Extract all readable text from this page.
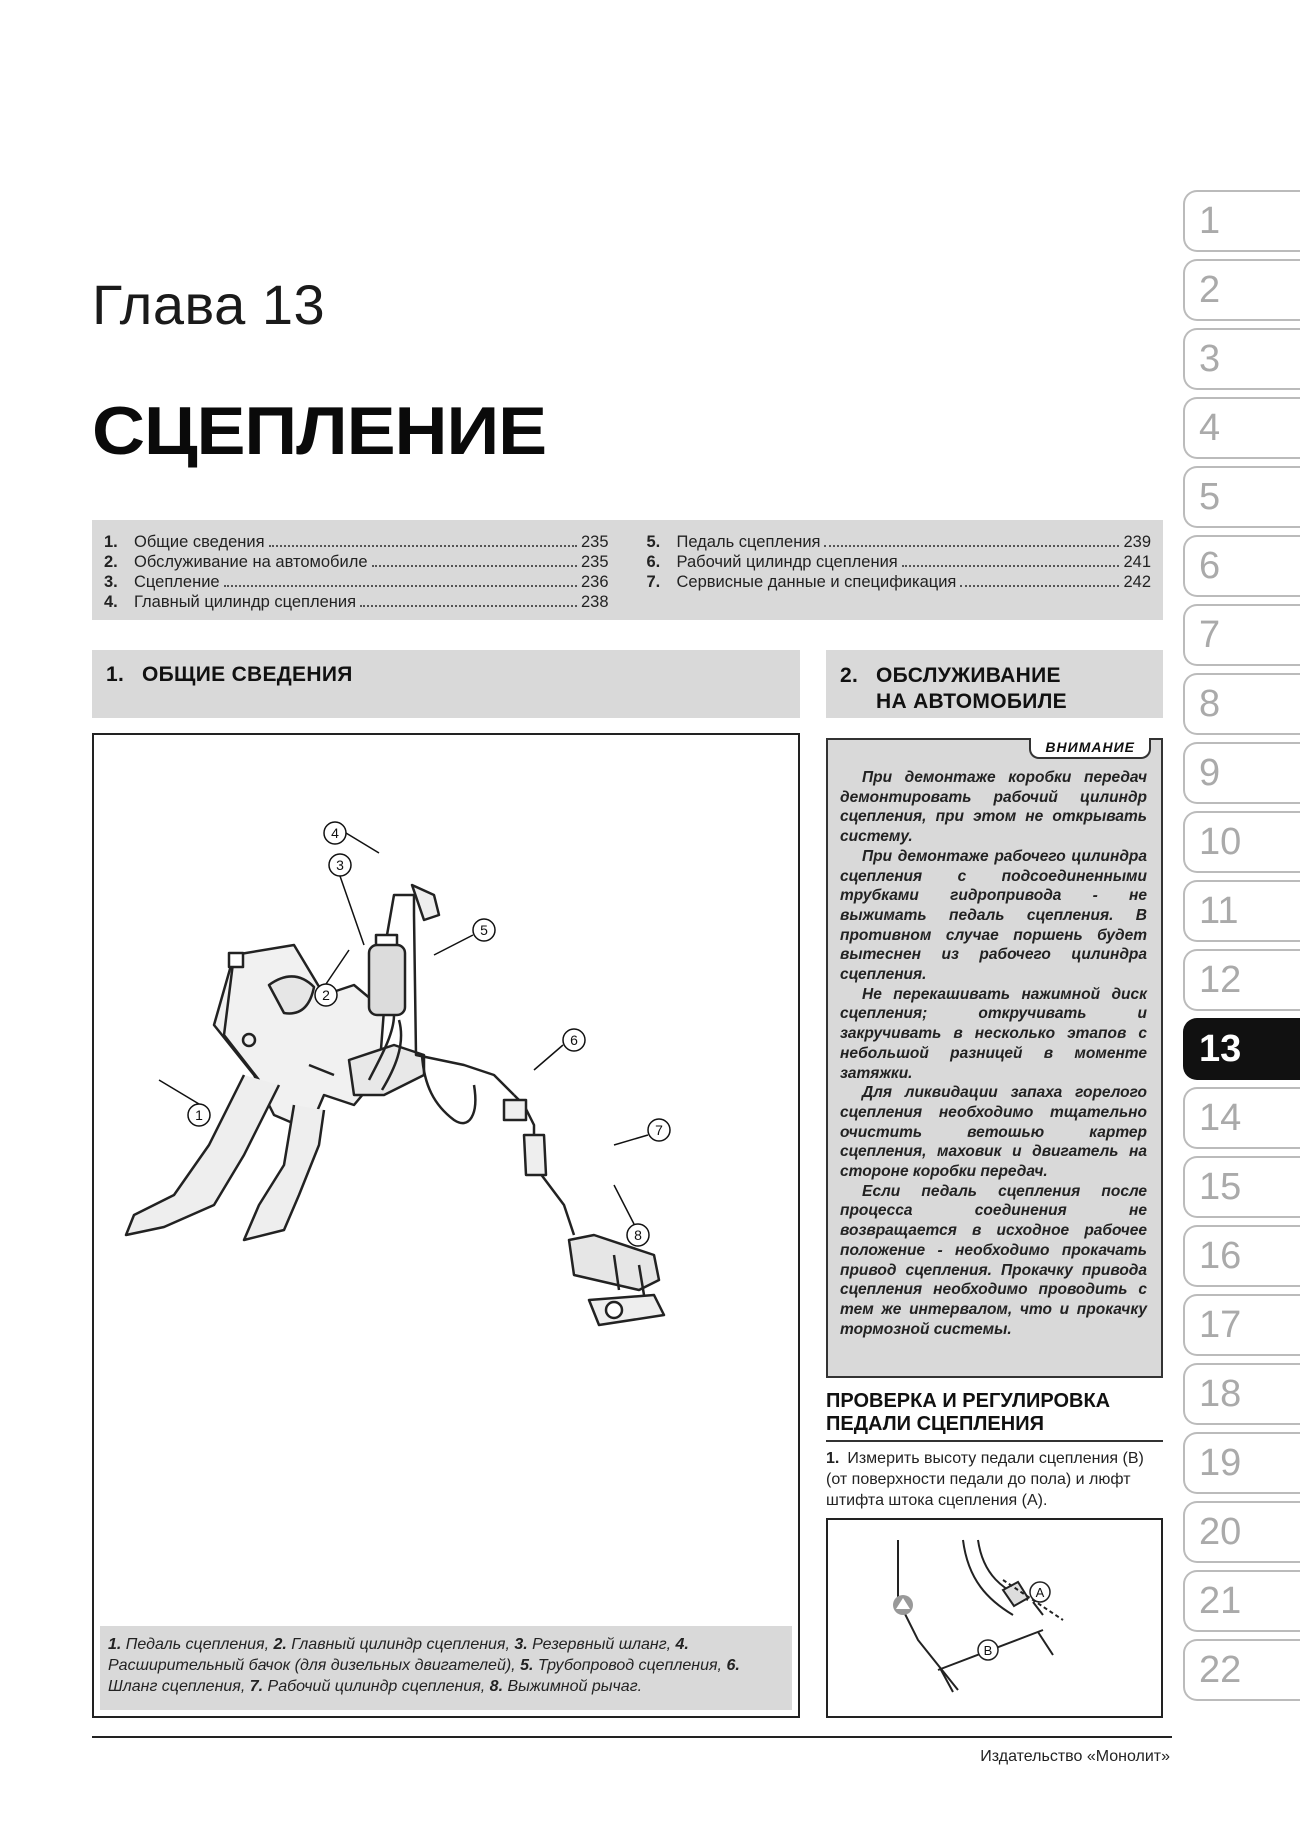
Глава 13
СЦЕПЛЕНИЕ
1. Общие сведения	235
2. Обслуживание на автомобиле	235
3. Сцепление	236
4. Главный цилиндр сцепления	238
5. Педаль сцепления	239
6. Рабочий цилиндр сцепления	241
7. Сервисные данные и спецификация	242
1. ОБЩИЕ СВЕДЕНИЯ	2. ОБСЛУЖИВАНИЕ
НА АВТОМОБИЛЕ
1
2
3
4
5
6
7
8
1. Педаль сцепления, 2. Главный цилиндр сцепления, 3. Резервный шланг, 4. Расширительный бачок (для дизельных двигателей), 5. Трубопровод сцепления, 6. Шланг сцепления, 7. Рабочий цилиндр сцепления, 8. Выжимной рычаг.
ВНИМАНИЕ

При демонтаже коробки передач демонтировать рабочий цилиндр сцепления, при этом не открывать систему.

При демонтаже рабочего цилиндра сцепления с подсоединенными трубками гидропривода - не выжимать педаль сцепления. В противном случае поршень будет вытеснен из рабочего цилиндра сцепления.

Не перекашивать нажимной диск сцепления; откручивать и закручивать в несколько этапов с небольшой разницей в моменте затяжки.

Для ликвидации запаха горелого сцепления необходимо тщательно очистить ветошью картер сцепления, маховик и двигатель на стороне коробки передач.

Если педаль сцепления после процесса соединения не возвращается в исходное рабочее положение - необходимо прокачать привод сцепления. Прокачку привода сцепления необходимо проводить с тем же интервалом, что и прокачку тормозной системы.

ПРОВЕРКА И РЕГУЛИРОВКА
ПЕДАЛИ СЦЕПЛЕНИЯ
1. Измерить высоту педали сцепления (B) (от поверхности педали до пола) и люфт штифта штока сцепления (А).
A
B
Издательство «Монолит»
1
2
3
4
5
6
7
8
9
10
11
12
13
14
15
16
17
18
19
20
21
22
